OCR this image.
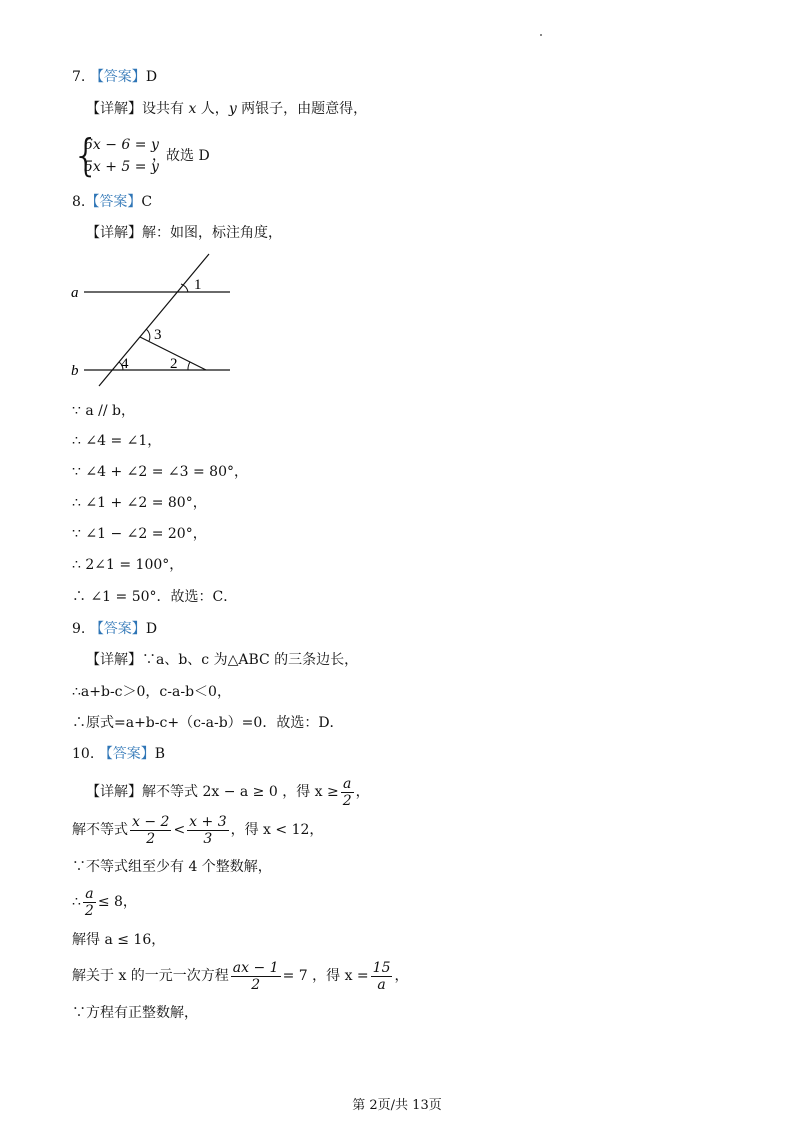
7. 【答案】D
【详解】设共有 x 人，y 两银子，由题意得，
{
6x − 6 = y
5x + 5 = y
，故选 D
8.【答案】C
【详解】解：如图，标注角度，
a
b
1
3
4	2
∵ a // b，
∴ ∠4 = ∠1，
∵ ∠4 + ∠2 = ∠3 = 80°，
∴ ∠1 + ∠2 = 80°，
∵ ∠1 − ∠2 = 20°，
∴ 2∠1 = 100°，
∴ ∠1 = 50°．故选：C．
9. 【答案】D
【详解】∵a、b、c 为△ABC 的三条边长，
∴a+b-c＞0，c-a-b＜0，
∴原式=a+b-c+（c-a-b）=0．故选：D．
10. 【答案】B
【详解】解不等式 2x − a ≥ 0 ，得 $x \ge \frac{a}{2}$ ，
解不等式 $\frac{x - 2}{2} < \frac{x + 3}{3}$ ，得 x < 12，
∵不等式组至少有 4 个整数解，
∴ $\frac{a}{2} \le 8$，
解得 a ≤ 16，
解关于 x 的一元一次方程 $\frac{ax - 1}{2} = 7$ ，得 $x = \frac{15}{a}$ ，
∵方程有正整数解，
第 2页/共 13页
